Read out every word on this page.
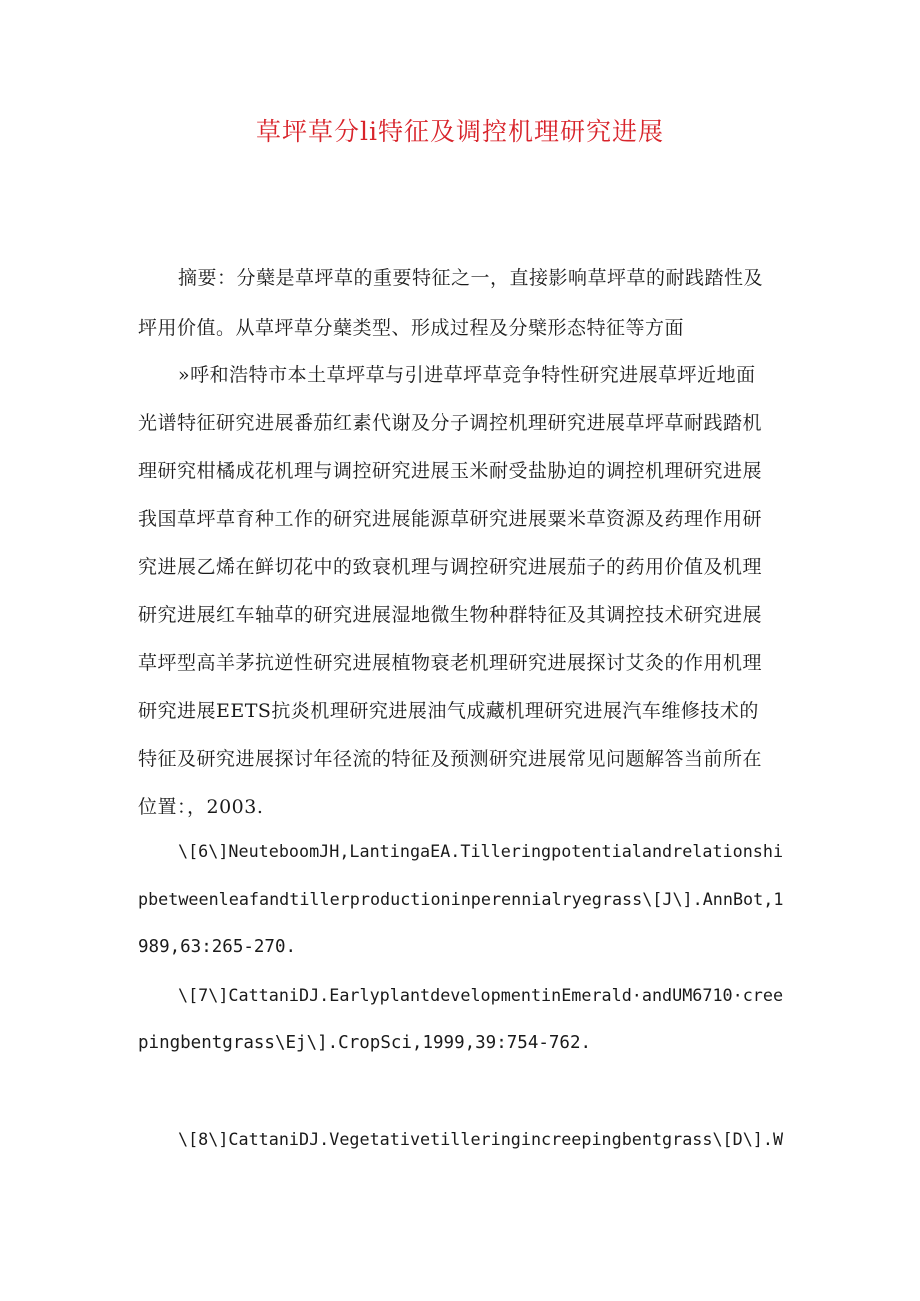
草坪草分li特征及调控机理研究进展
摘要：分蘖是草坪草的重要特征之一，直接影响草坪草的耐践踏性及
坪用价值。从草坪草分蘖类型、形成过程及分檗形态特征等方面
»呼和浩特市本土草坪草与引进草坪草竞争特性研究进展草坪近地面
光谱特征研究进展番茄红素代谢及分子调控机理研究进展草坪草耐践踏机
理研究柑橘成花机理与调控研究进展玉米耐受盐胁迫的调控机理研究进展
我国草坪草育种工作的研究进展能源草研究进展粟米草资源及药理作用研
究进展乙烯在鲜切花中的致衰机理与调控研究进展茄子的药用价值及机理
研究进展红车轴草的研究进展湿地微生物种群特征及其调控技术研究进展
草坪型高羊茅抗逆性研究进展植物衰老机理研究进展探讨艾灸的作用机理
研究进展EETS抗炎机理研究进展油气成藏机理研究进展汽车维修技术的
特征及研究进展探讨年径流的特征及预测研究进展常见问题解答当前所在
位置：，2003.
\[6\]NeuteboomJH,LantingaEA.Tilleringpotentialandrelationshi
pbetweenleafandtillerproductioninperennialryegrass\[J\].AnnBot,1
989,63:265-270.
\[7\]CattaniDJ.EarlyplantdevelopmentinEmerald·andUM6710·cree
pingbentgrass\Ej\].CropSci,1999,39:754-762.
\[8\]CattaniDJ.Vegetativetilleringincreepingbentgrass\[D\].W
